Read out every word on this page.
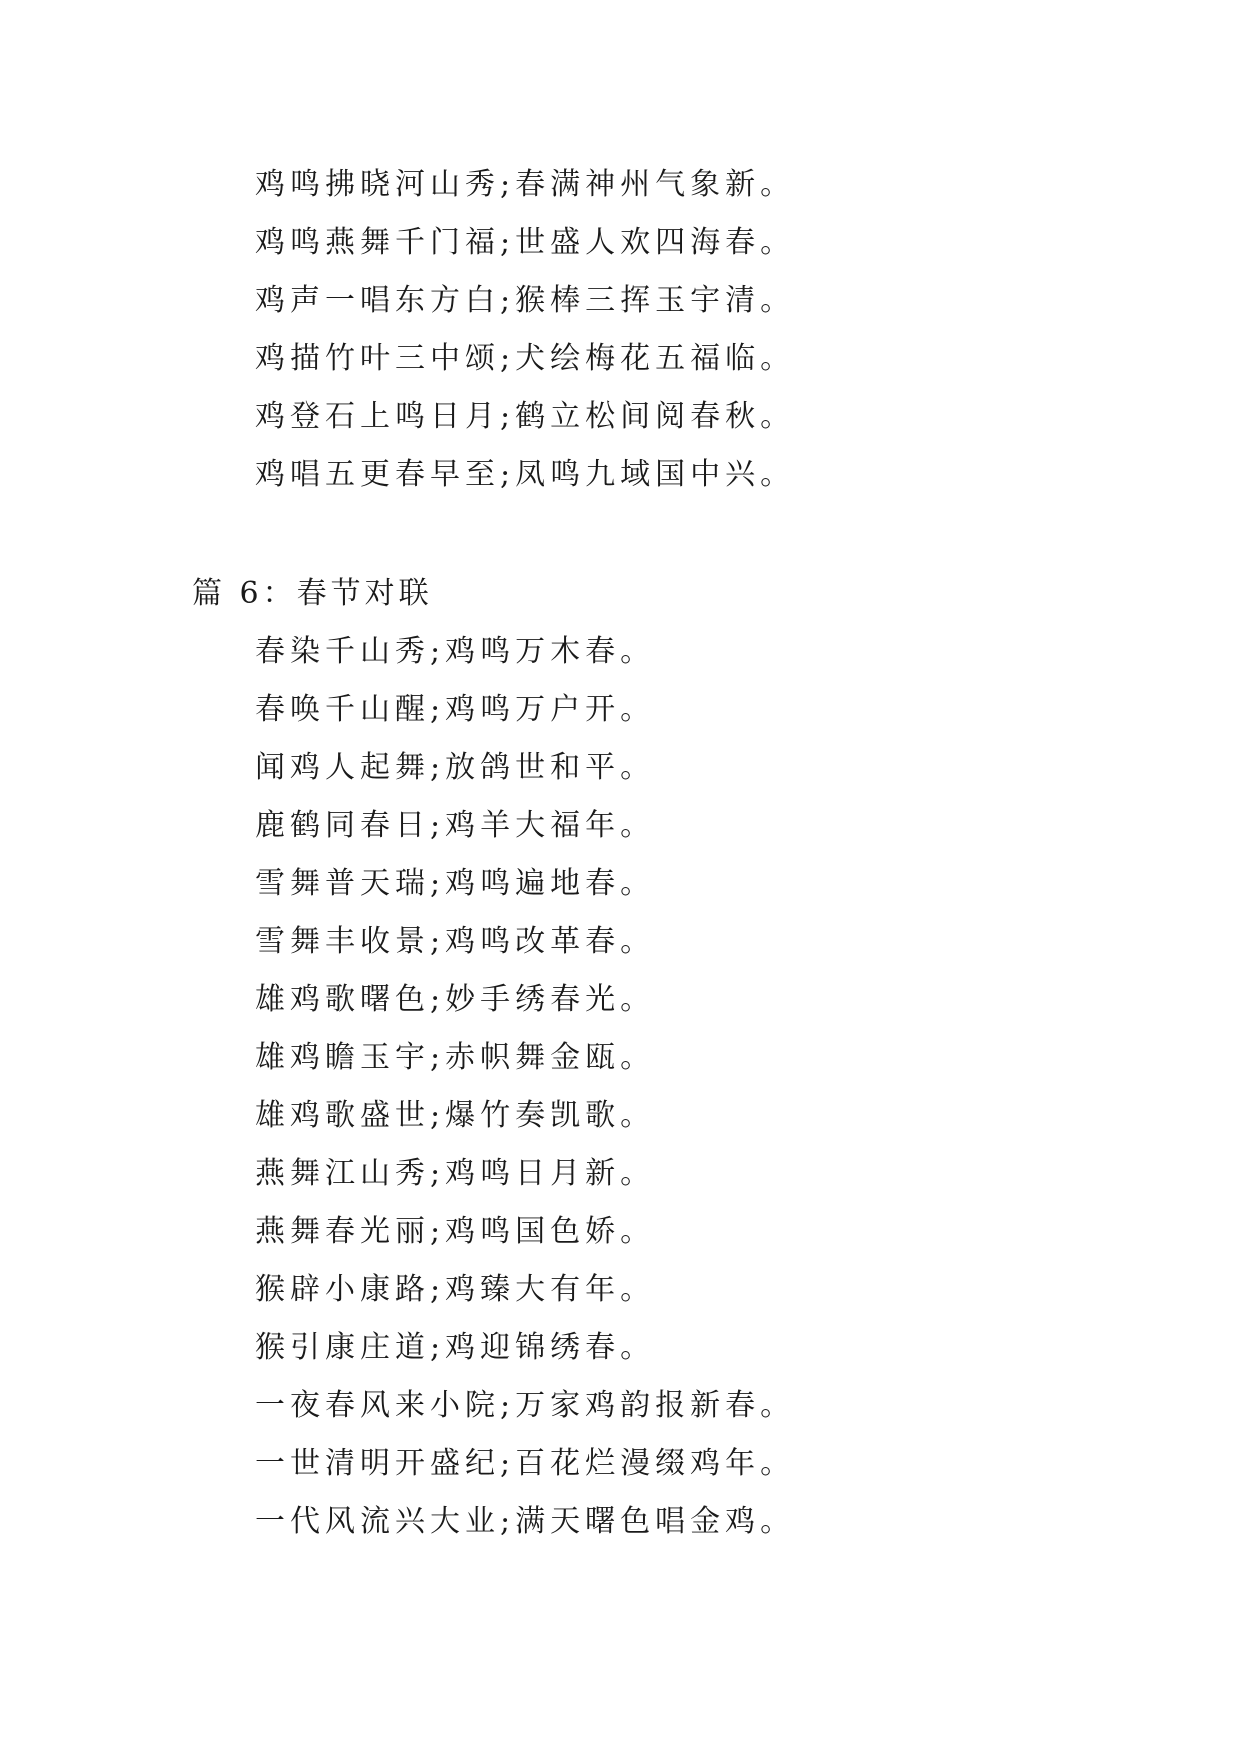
鸡鸣拂晓河山秀;春满神州气象新。
鸡鸣燕舞千门福;世盛人欢四海春。
鸡声一唱东方白;猴棒三挥玉宇清。
鸡描竹叶三中颂;犬绘梅花五福临。
鸡登石上鸣日月;鹤立松间阅春秋。
鸡唱五更春早至;凤鸣九域国中兴。
篇 6：春节对联
春染千山秀;鸡鸣万木春。
春唤千山醒;鸡鸣万户开。
闻鸡人起舞;放鸽世和平。
鹿鹤同春日;鸡羊大福年。
雪舞普天瑞;鸡鸣遍地春。
雪舞丰收景;鸡鸣改革春。
雄鸡歌曙色;妙手绣春光。
雄鸡瞻玉宇;赤帜舞金瓯。
雄鸡歌盛世;爆竹奏凯歌。
燕舞江山秀;鸡鸣日月新。
燕舞春光丽;鸡鸣国色娇。
猴辟小康路;鸡臻大有年。
猴引康庄道;鸡迎锦绣春。
一夜春风来小院;万家鸡韵报新春。
一世清明开盛纪;百花烂漫缀鸡年。
一代风流兴大业;满天曙色唱金鸡。
